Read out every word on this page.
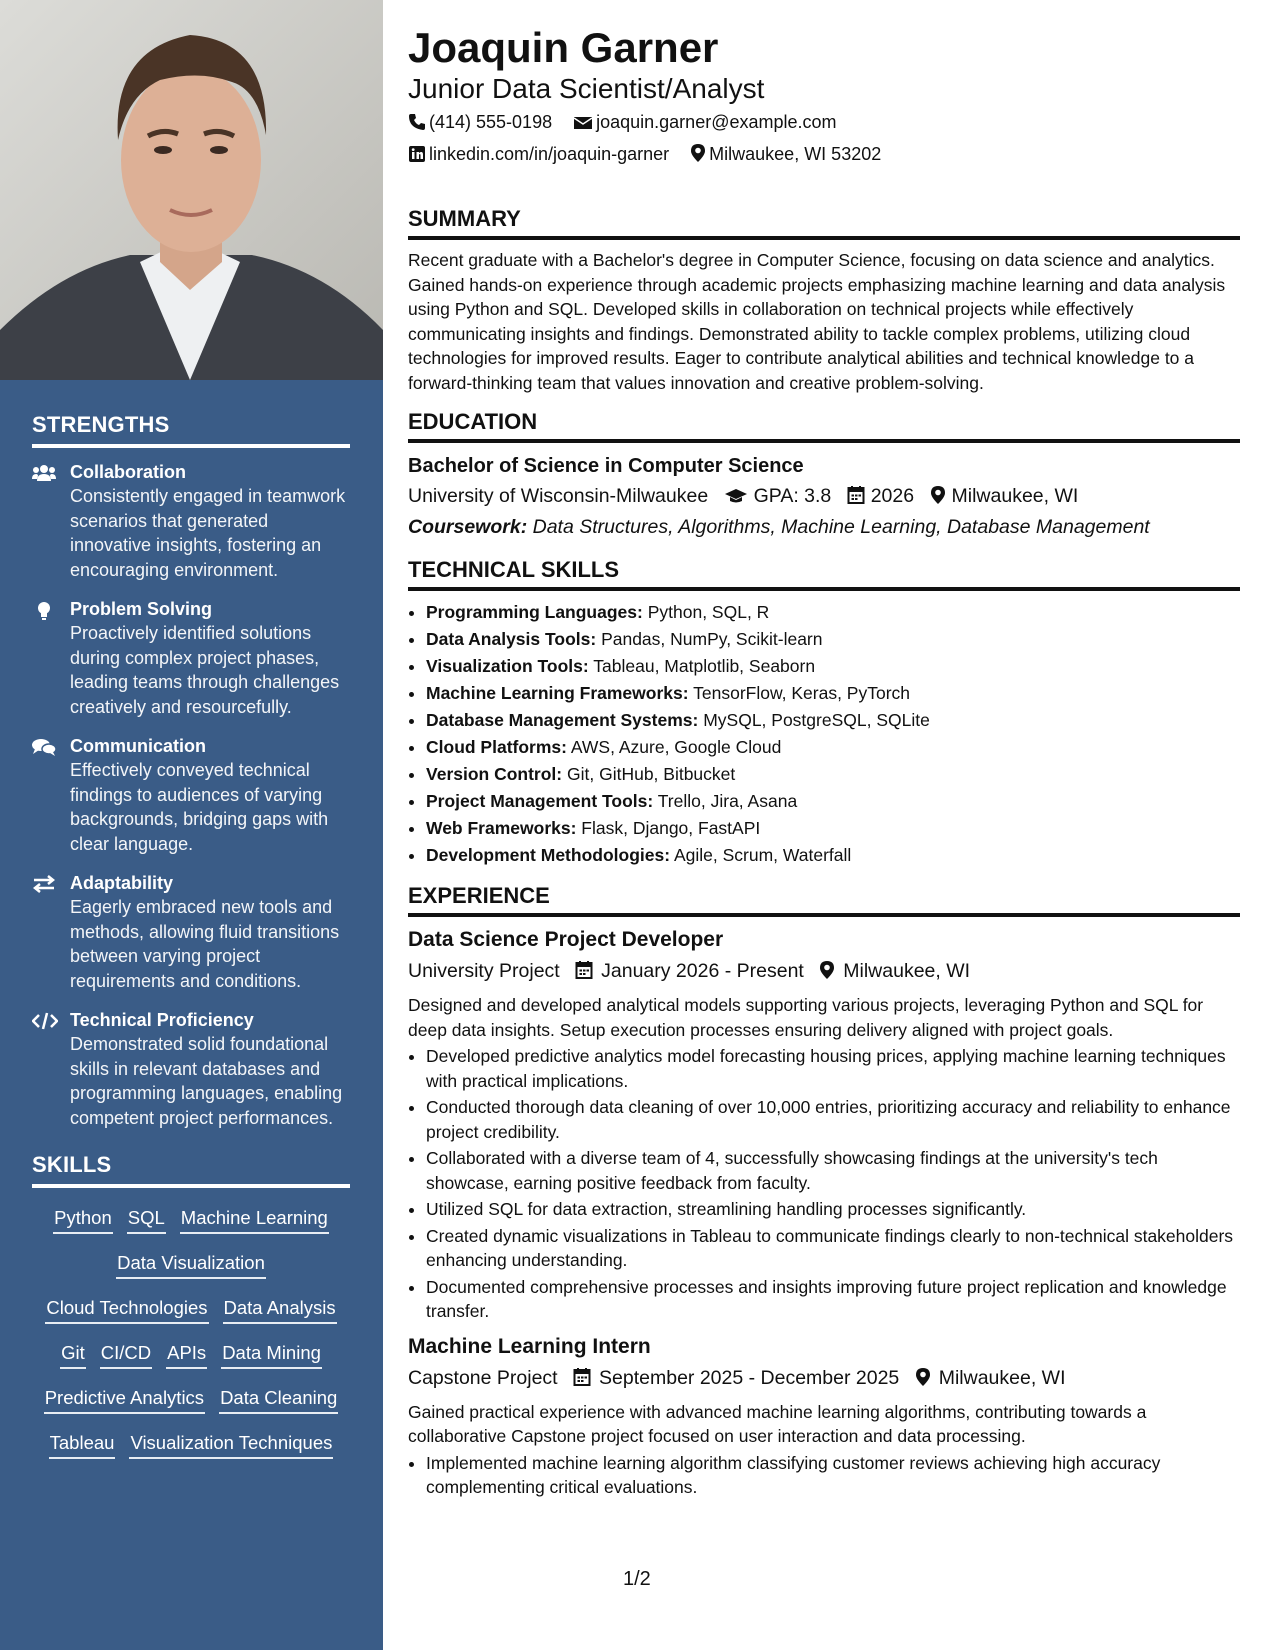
STRENGTHS
Collaboration
Consistently engaged in teamwork scenarios that generated innovative insights, fostering an encouraging environment.
Problem Solving
Proactively identified solutions during complex project phases, leading teams through challenges creatively and resourcefully.
Communication
Effectively conveyed technical findings to audiences of varying backgrounds, bridging gaps with clear language.
Adaptability
Eagerly embraced new tools and methods, allowing fluid transitions between varying project requirements and conditions.
Technical Proficiency
Demonstrated solid foundational skills in relevant databases and programming languages, enabling competent project performances.
SKILLS
Python SQL Machine Learning
Data Visualization
Cloud Technologies Data Analysis
Git CI/CD APIs Data Mining
Predictive Analytics Data Cleaning
Tableau Visualization Techniques
Joaquin Garner
Junior Data Scientist/Analyst
(414) 555-0198 joaquin.garner@example.com
linkedin.com/in/joaquin-garner Milwaukee, WI 53202
SUMMARY
Recent graduate with a Bachelor's degree in Computer Science, focusing on data science and analytics. Gained hands-on experience through academic projects emphasizing machine learning and data analysis using Python and SQL. Developed skills in collaboration on technical projects while effectively communicating insights and findings. Demonstrated ability to tackle complex problems, utilizing cloud technologies for improved results. Eager to contribute analytical abilities and technical knowledge to a forward-thinking team that values innovation and creative problem-solving.
EDUCATION
Bachelor of Science in Computer Science
University of Wisconsin-Milwaukee GPA: 3.8 2026 Milwaukee, WI
Coursework: Data Structures, Algorithms, Machine Learning, Database Management
TECHNICAL SKILLS
• Programming Languages: Python, SQL, R
• Data Analysis Tools: Pandas, NumPy, Scikit-learn
• Visualization Tools: Tableau, Matplotlib, Seaborn
• Machine Learning Frameworks: TensorFlow, Keras, PyTorch
• Database Management Systems: MySQL, PostgreSQL, SQLite
• Cloud Platforms: AWS, Azure, Google Cloud
• Version Control: Git, GitHub, Bitbucket
• Project Management Tools: Trello, Jira, Asana
• Web Frameworks: Flask, Django, FastAPI
• Development Methodologies: Agile, Scrum, Waterfall
EXPERIENCE
Data Science Project Developer
University Project January 2026 - Present Milwaukee, WI
Designed and developed analytical models supporting various projects, leveraging Python and SQL for deep data insights. Setup execution processes ensuring delivery aligned with project goals.
• Developed predictive analytics model forecasting housing prices, applying machine learning techniques with practical implications.
• Conducted thorough data cleaning of over 10,000 entries, prioritizing accuracy and reliability to enhance project credibility.
• Collaborated with a diverse team of 4, successfully showcasing findings at the university's tech showcase, earning positive feedback from faculty.
• Utilized SQL for data extraction, streamlining handling processes significantly.
• Created dynamic visualizations in Tableau to communicate findings clearly to non-technical stakeholders enhancing understanding.
• Documented comprehensive processes and insights improving future project replication and knowledge transfer.
Machine Learning Intern
Capstone Project September 2025 - December 2025 Milwaukee, WI
Gained practical experience with advanced machine learning algorithms, contributing towards a collaborative Capstone project focused on user interaction and data processing.
• Implemented machine learning algorithm classifying customer reviews achieving high accuracy complementing critical evaluations.
1/2
